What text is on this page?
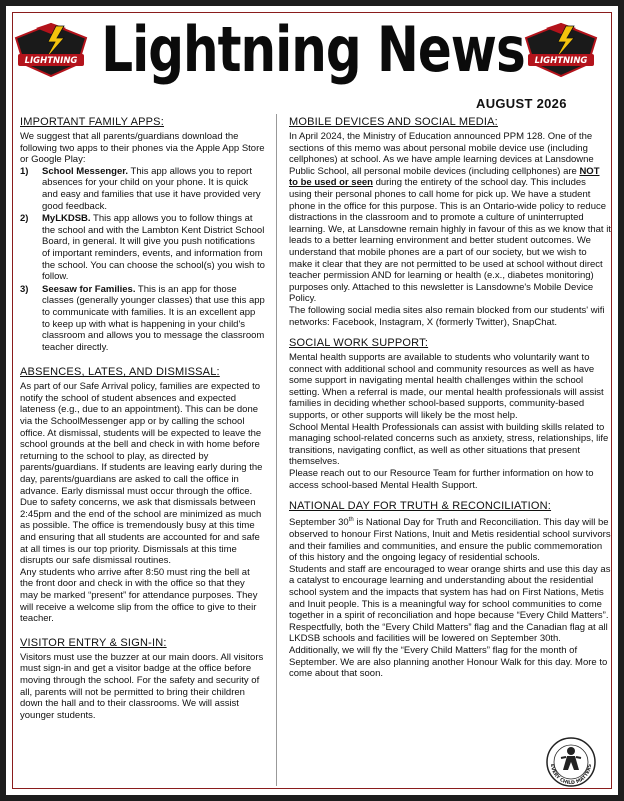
LIGHTNING Lightning News	LIGHTNING
AUGUST 2026
IMPORTANT FAMILY APPS:

We suggest that all parents/guardians download the following two apps to their phones via the Apple App Store or Google Play:

1) School Messenger. This app allows you to report absences for your child on your phone. It is quick and easy and families that use it have provided very good feedback.
2) MyLKDSB. This app allows you to follow things at the school and with the Lambton Kent District School Board, in general. It will give you push notifications of important reminders, events, and information from the school. You can choose the school(s) you wish to follow.
3) Seesaw for Families. This is an app for those classes (generally younger classes) that use this app to communicate with families. It is an excellent app to keep up with what is happening in your child's classroom and allows you to message the classroom teacher directly.
ABSENCES, LATES, AND DISMISSAL:

As part of our Safe Arrival policy, families are expected to notify the school of student absences and expected lateness (e.g., due to an appointment). This can be done via the SchoolMessenger app or by calling the school office. At dismissal, students will be expected to leave the school grounds at the bell and check in with home before returning to the school to play, as directed by parents/guardians. If students are leaving early during the day, parents/guardians are asked to call the office in advance. Early dismissal must occur through the office. Due to safety concerns, we ask that dismissals between 2:45pm and the end of the school are minimized as much as possible. The office is tremendously busy at this time and ensuring that all students are accounted for and safe at all times is our top priority. Dismissals at this time disrupts our safe dismissal routines.

Any students who arrive after 8:50 must ring the bell at the front door and check in with the office so that they may be marked “present” for attendance purposes. They will receive a welcome slip from the office to give to their teacher.

VISITOR ENTRY & SIGN-IN:

Visitors must use the buzzer at our main doors. All visitors must sign-in and get a visitor badge at the office before moving through the school. For the safety and security of all, parents will not be permitted to bring their children down the hall and to their classrooms. We will assist younger students.

MOBILE DEVICES AND SOCIAL MEDIA:

In April 2024, the Ministry of Education announced PPM 128. One of the sections of this memo was about personal mobile device use (including cellphones) at school. As we have ample learning devices at Lansdowne Public School, all personal mobile devices (including cellphones) are NOT to be used or seen during the entirety of the school day. This includes using their personal phones to call home for pick up. We have a student phone in the office for this purpose. This is an Ontario-wide policy to reduce distractions in the classroom and to promote a culture of uninterrupted learning. We, at Lansdowne remain highly in favour of this as we know that it leads to a better learning environment and better student outcomes. We understand that mobile phones are a part of our society, but we wish to make it clear that they are not permitted to be used at school without direct teacher permission AND for learning or health (e.x., diabetes monitoring) purposes only. Attached to this newsletter is Lansdowne's Mobile Device Policy.

The following social media sites also remain blocked from our students' wifi networks: Facebook, Instagram, X (formerly Twitter), SnapChat.

SOCIAL WORK SUPPORT:

Mental health supports are available to students who voluntarily want to connect with additional school and community resources as well as have some support in navigating mental health challenges within the school setting. When a referral is made, our mental health professionals will assist families in deciding whether school-based supports, community-based supports, or other supports will likely be the most help.

School Mental Health Professionals can assist with building skills related to managing school-related concerns such as anxiety, stress, relationships, life transitions, navigating conflict, as well as other situations that present themselves.

Please reach out to our Resource Team for further information on how to access school-based Mental Health Support.

NATIONAL DAY FOR TRUTH & RECONCILIATION:

September 30th is National Day for Truth and Reconciliation. This day will be observed to honour First Nations, Inuit and Metis residential school survivors and their families and communities, and ensure the public commemoration of this history and the ongoing legacy of residential schools.

Students and staff are encouraged to wear orange shirts and use this day as a catalyst to encourage learning and understanding about the residential school system and the impacts that system has had on First Nations, Metis and Inuit people. This is a meaningful way for school communities to come together in a spirit of reconciliation and hope because “Every Child Matters”. Respectfully, both the “Every Child Matters” flag and the Canadian flag at all LKDSB schools and facilities will be lowered on September 30th. Additionally, we will fly the “Every Child Matters” flag for the month of September. We are also planning another Honour Walk for this day. More to come about that soon.

EVERY CHILD MATTERS
